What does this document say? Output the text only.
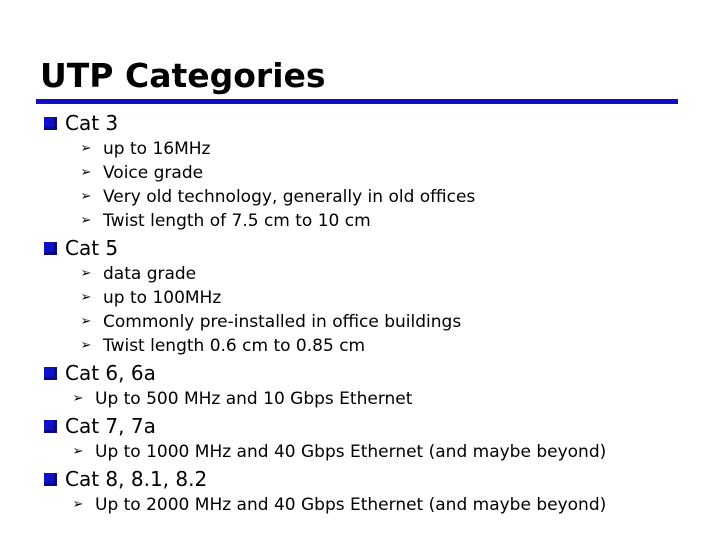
UTP Categories
Cat 3
➢ up to 16MHz
➢ Voice grade
➢ Very old technology, generally in old offices
➢ Twist length of 7.5 cm to 10 cm
Cat 5
➢ data grade
➢ up to 100MHz
➢ Commonly pre-installed in office buildings
➢ Twist length 0.6 cm to 0.85 cm
Cat 6, 6a
➢ Up to 500 MHz and 10 Gbps Ethernet
Cat 7, 7a
➢ Up to 1000 MHz and 40 Gbps Ethernet (and maybe beyond)
Cat 8, 8.1, 8.2
➢ Up to 2000 MHz and 40 Gbps Ethernet (and maybe beyond)
